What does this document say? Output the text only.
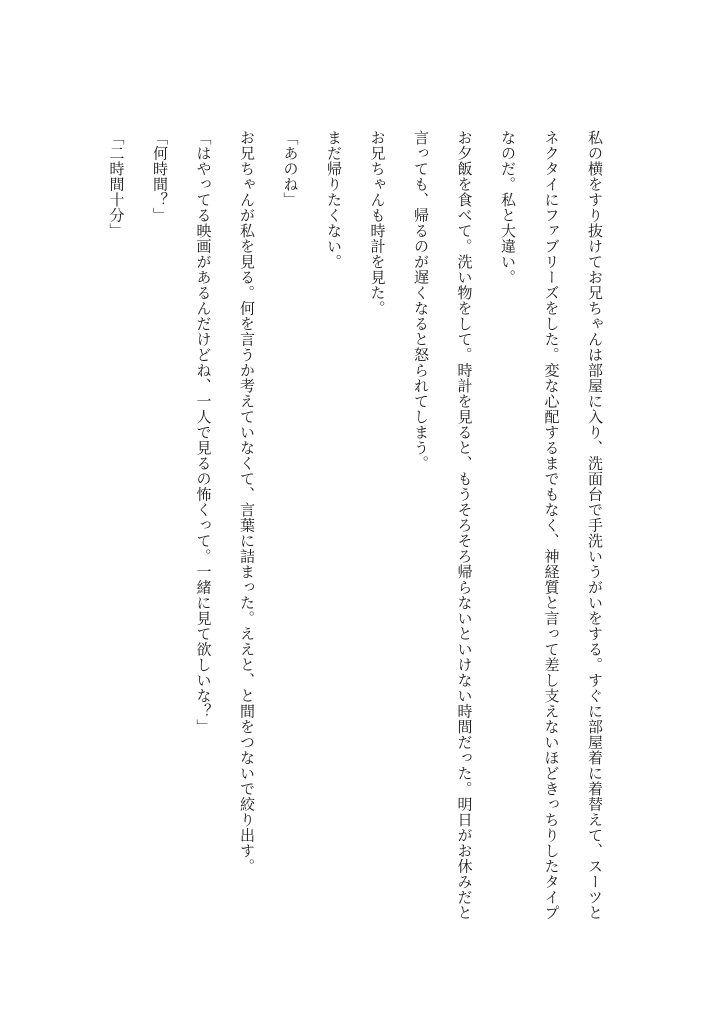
私の横をすり抜けてお兄ちゃんは部屋に入り、洗面台で手洗いうがいをする。すぐに部屋着に着替えて、スーツとネクタイにファブリーズをした。変な心配するまでもなく、神経質と言って差し支えないほどきっちりしたタイプなのだ。私と大違い。

お夕飯を食べて。洗い物をして。時計を見ると、もうそろそろ帰らないといけない時間だった。明日がお休みだと言っても、帰るのが遅くなると怒られてしまう。

お兄ちゃんも時計を見た。

まだ帰りたくない。

「あのね」

お兄ちゃんが私を見る。何を言うか考えていなくて、言葉に詰まった。ええと、と間をつないで絞り出す。

「はやってる映画があるんだけどね、一人で見るの怖くって。一緒に見て欲しいな？」

「何時間？」

「二時間十分」
